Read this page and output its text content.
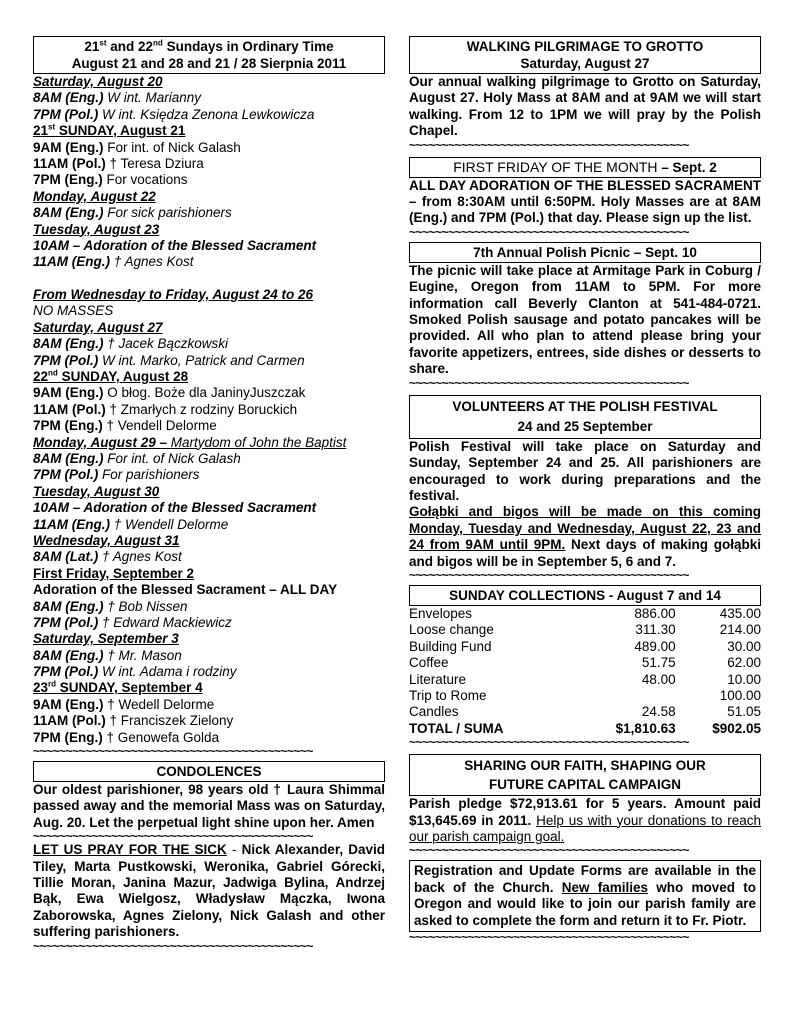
21st and 22nd Sundays in Ordinary Time
August 21 and 28 and 21 / 28 Sierpnia 2011
Saturday, August 20
8AM (Eng.) W int. Marianny
7PM (Pol.) W int. Księdza Zenona Lewkowicza
21st SUNDAY, August 21
9AM (Eng.) For int. of Nick Galash
11AM (Pol.) † Teresa Dziura
7PM (Eng.) For vocations
Monday, August 22
8AM (Eng.) For sick parishioners
Tuesday, August 23
10AM – Adoration of the Blessed Sacrament
11AM (Eng.) † Agnes Kost
From Wednesday to Friday, August 24 to 26
NO MASSES
Saturday, August 27
8AM (Eng.) † Jacek Bączkowski
7PM (Pol.) W int. Marko, Patrick and Carmen
22nd SUNDAY, August 28
9AM (Eng.) O błog. Boże dla JaninyJuszczak
11AM (Pol.) † Zmarłych z rodziny Boruckich
7PM (Eng.) † Vendell Delorme
Monday, August 29 – Martydom of John the Baptist
8AM (Eng.) For int. of Nick Galash
7PM (Pol.) For parishioners
Tuesday, August 30
10AM – Adoration of the Blessed Sacrament
11AM (Eng.) † Wendell Delorme
Wednesday, August 31
8AM (Lat.) † Agnes Kost
First Friday, September 2
Adoration of the Blessed Sacrament – ALL DAY
8AM (Eng.) † Bob Nissen
7PM (Pol.) † Edward Mackiewicz
Saturday, September 3
8AM (Eng.) † Mr. Mason
7PM (Pol.) W int. Adama i rodziny
23rd SUNDAY, September 4
9AM (Eng.) † Wedell Delorme
11AM (Pol.) † Franciszek Zielony
7PM (Eng.) † Genowefa Golda
~~~~~~~~~~~~~~~~~~~~~~~~~~~~~~~~~~~~~~~~~~~
CONDOLENCES
Our oldest parishioner, 98 years old † Laura Shimmal passed away and the memorial Mass was on Saturday, Aug. 20. Let the perpetual light shine upon her. Amen
~~~~~~~~~~~~~~~~~~~~~~~~~~~~~~~~~~~~~~~~~~~
LET US PRAY FOR THE SICK - Nick Alexander, David Tiley, Marta Pustkowski, Weronika, Gabriel Górecki, Tillie Moran, Janina Mazur, Jadwiga Bylina, Andrzej Bąk, Ewa Wielgosz, Władysław Mączka, Iwona Zaborowska, Agnes Zielony, Nick Galash and other suffering parishioners.
~~~~~~~~~~~~~~~~~~~~~~~~~~~~~~~~~~~~~~~~~~~
WALKING PILGRIMAGE TO GROTTO
Saturday, August 27
Our annual walking pilgrimage to Grotto on Saturday, August 27. Holy Mass at 8AM and at 9AM we will start walking. From 12 to 1PM we will pray by the Polish Chapel.
~~~~~~~~~~~~~~~~~~~~~~~~~~~~~~~~~~~~~~~~~~~
FIRST FRIDAY OF THE MONTH – Sept. 2
ALL DAY ADORATION OF THE BLESSED SACRAMENT – from 8:30AM until 6:50PM. Holy Masses are at 8AM (Eng.) and 7PM (Pol.) that day. Please sign up the list.
~~~~~~~~~~~~~~~~~~~~~~~~~~~~~~~~~~~~~~~~~~~
7th Annual Polish Picnic – Sept. 10
The picnic will take place at Armitage Park in Coburg / Eugine, Oregon from 11AM to 5PM. For more information call Beverly Clanton at 541-484-0721. Smoked Polish sausage and potato pancakes will be provided. All who plan to attend please bring your favorite appetizers, entrees, side dishes or desserts to share.
~~~~~~~~~~~~~~~~~~~~~~~~~~~~~~~~~~~~~~~~~~~
VOLUNTEERS AT THE POLISH FESTIVAL
24 and 25 September
Polish Festival will take place on Saturday and Sunday, September 24 and 25. All parishioners are encouraged to work during preparations and the festival.
Gołąbki and bigos will be made on this coming Monday, Tuesday and Wednesday, August 22, 23 and 24 from 9AM until 9PM. Next days of making gołąbki and bigos will be in September 5, 6 and 7.
~~~~~~~~~~~~~~~~~~~~~~~~~~~~~~~~~~~~~~~~~~~
SUNDAY COLLECTIONS - August 7 and 14
Envelopes	886.00	435.00
Loose change	311.30	214.00
Building Fund	489.00	30.00
Coffee	51.75	62.00
Literature	48.00	10.00
Trip to Rome		100.00
Candles	24.58	51.05
TOTAL / SUMA	$1,810.63	$902.05
~~~~~~~~~~~~~~~~~~~~~~~~~~~~~~~~~~~~~~~~~~~
SHARING OUR FAITH, SHAPING OUR
FUTURE CAPITAL CAMPAIGN
Parish pledge $72,913.61 for 5 years. Amount paid $13,645.69 in 2011. Help us with your donations to reach our parish campaign goal.
~~~~~~~~~~~~~~~~~~~~~~~~~~~~~~~~~~~~~~~~~~~
Registration and Update Forms are available in the back of the Church. New families who moved to Oregon and would like to join our parish family are asked to complete the form and return it to Fr. Piotr.
~~~~~~~~~~~~~~~~~~~~~~~~~~~~~~~~~~~~~~~~~~~
